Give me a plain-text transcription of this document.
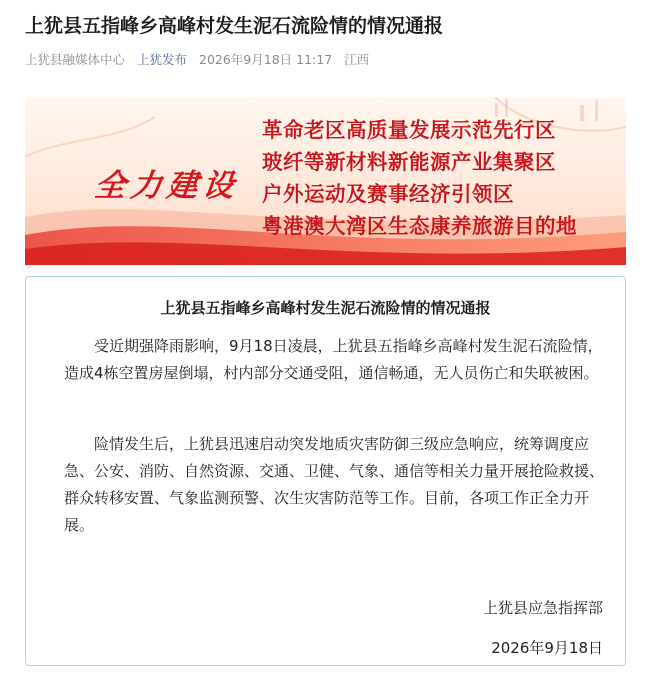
上犹县五指峰乡高峰村发生泥石流险情的情况通报
上犹县融媒体中心 上犹发布 2026年9月18日 11:17 江西
全力建设
革命老区高质量发展示范先行区
玻纤等新材料新能源产业集聚区
户外运动及赛事经济引领区
粤港澳大湾区生态康养旅游目的地
上犹县五指峰乡高峰村发生泥石流险情的情况通报

受近期强降雨影响，9月18日凌晨，上犹县五指峰乡高峰村发生泥石流险情，造成4栋空置房屋倒塌，村内部分交通受阻，通信畅通，无人员伤亡和失联被困。

险情发生后，上犹县迅速启动突发地质灾害防御三级应急响应，统筹调度应急、公安、消防、自然资源、交通、卫健、气象、通信等相关力量开展抢险救援、群众转移安置、气象监测预警、次生灾害防范等工作。目前，各项工作正全力开展。

上犹县应急指挥部
2026年9月18日
